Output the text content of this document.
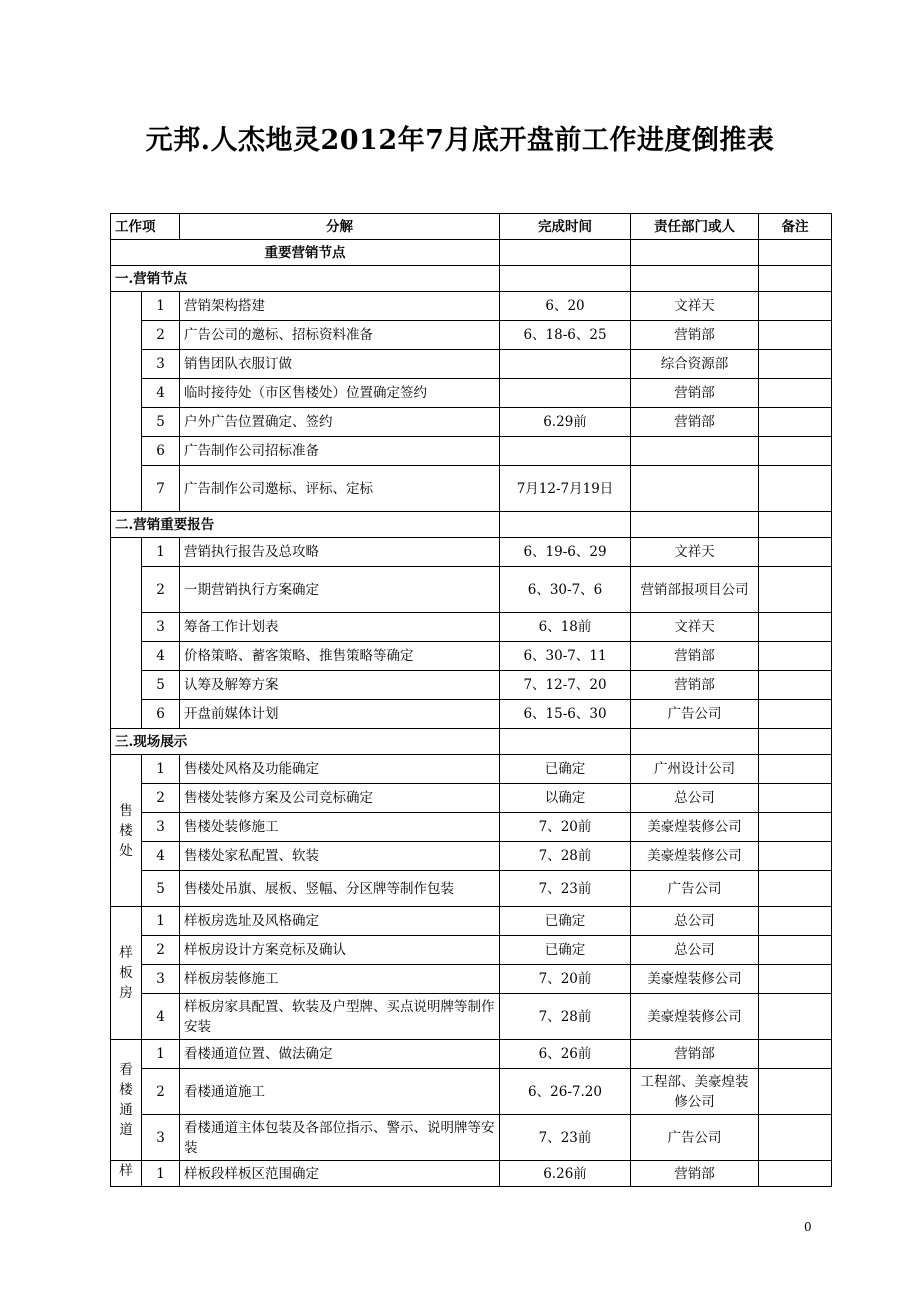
元邦.人杰地灵2012年7月底开盘前工作进度倒推表
工作项		分解	完成时间	责任部门或人	备注
重要营销节点					
一.营销节点					
	1	营销架构搭建	6、20	文祥天	
	2	广告公司的邀标、招标资料准备	6、18-6、25	营销部	
	3	销售团队衣服订做		综合资源部	
	4	临时接待处（市区售楼处）位置确定签约		营销部	
	5	户外广告位置确定、签约	6.29前	营销部	
	6	广告制作公司招标准备			
	7	广告制作公司邀标、评标、定标	7月12-7月19日		
二.营销重要报告					
	1	营销执行报告及总攻略	6、19-6、29	文祥天	
	2	一期营销执行方案确定	6、30-7、6	营销部报项目公司	
	3	筹备工作计划表	6、18前	文祥天	
	4	价格策略、蓄客策略、推售策略等确定	6、30-7、11	营销部	
	5	认筹及解筹方案	7、12-7、20	营销部	
	6	开盘前媒体计划	6、15-6、30	广告公司	
三.现场展示					

售
楼
处	1	售楼处风格及功能确定	已确定	广州设计公司	
	2	售楼处装修方案及公司竞标确定	以确定	总公司	
	3	售楼处装修施工	7、20前	美豪煌装修公司	
	4	售楼处家私配置、软装	7、28前	美豪煌装修公司	
	5	售楼处吊旗、展板、竖幅、分区牌等制作包装	7、23前	广告公司	

样
板
房	1	样板房选址及风格确定	已确定	总公司	
	2	样板房设计方案竞标及确认	已确定	总公司	
	3	样板房装修施工	7、20前	美豪煌装修公司	
	4	样板房家具配置、软装及户型牌、买点说明牌等制作安装	7、28前	美豪煌装修公司	

看
楼
通
道	1	看楼通道位置、做法确定	6、26前	营销部	
	2	看楼通道施工	6、26-7.20	工程部、美豪煌装修公司	
	3	看楼通道主体包装及各部位指示、警示、说明牌等安装	7、23前	广告公司	

样	1	样板段样板区范围确定	6.26前	营销部	
0
